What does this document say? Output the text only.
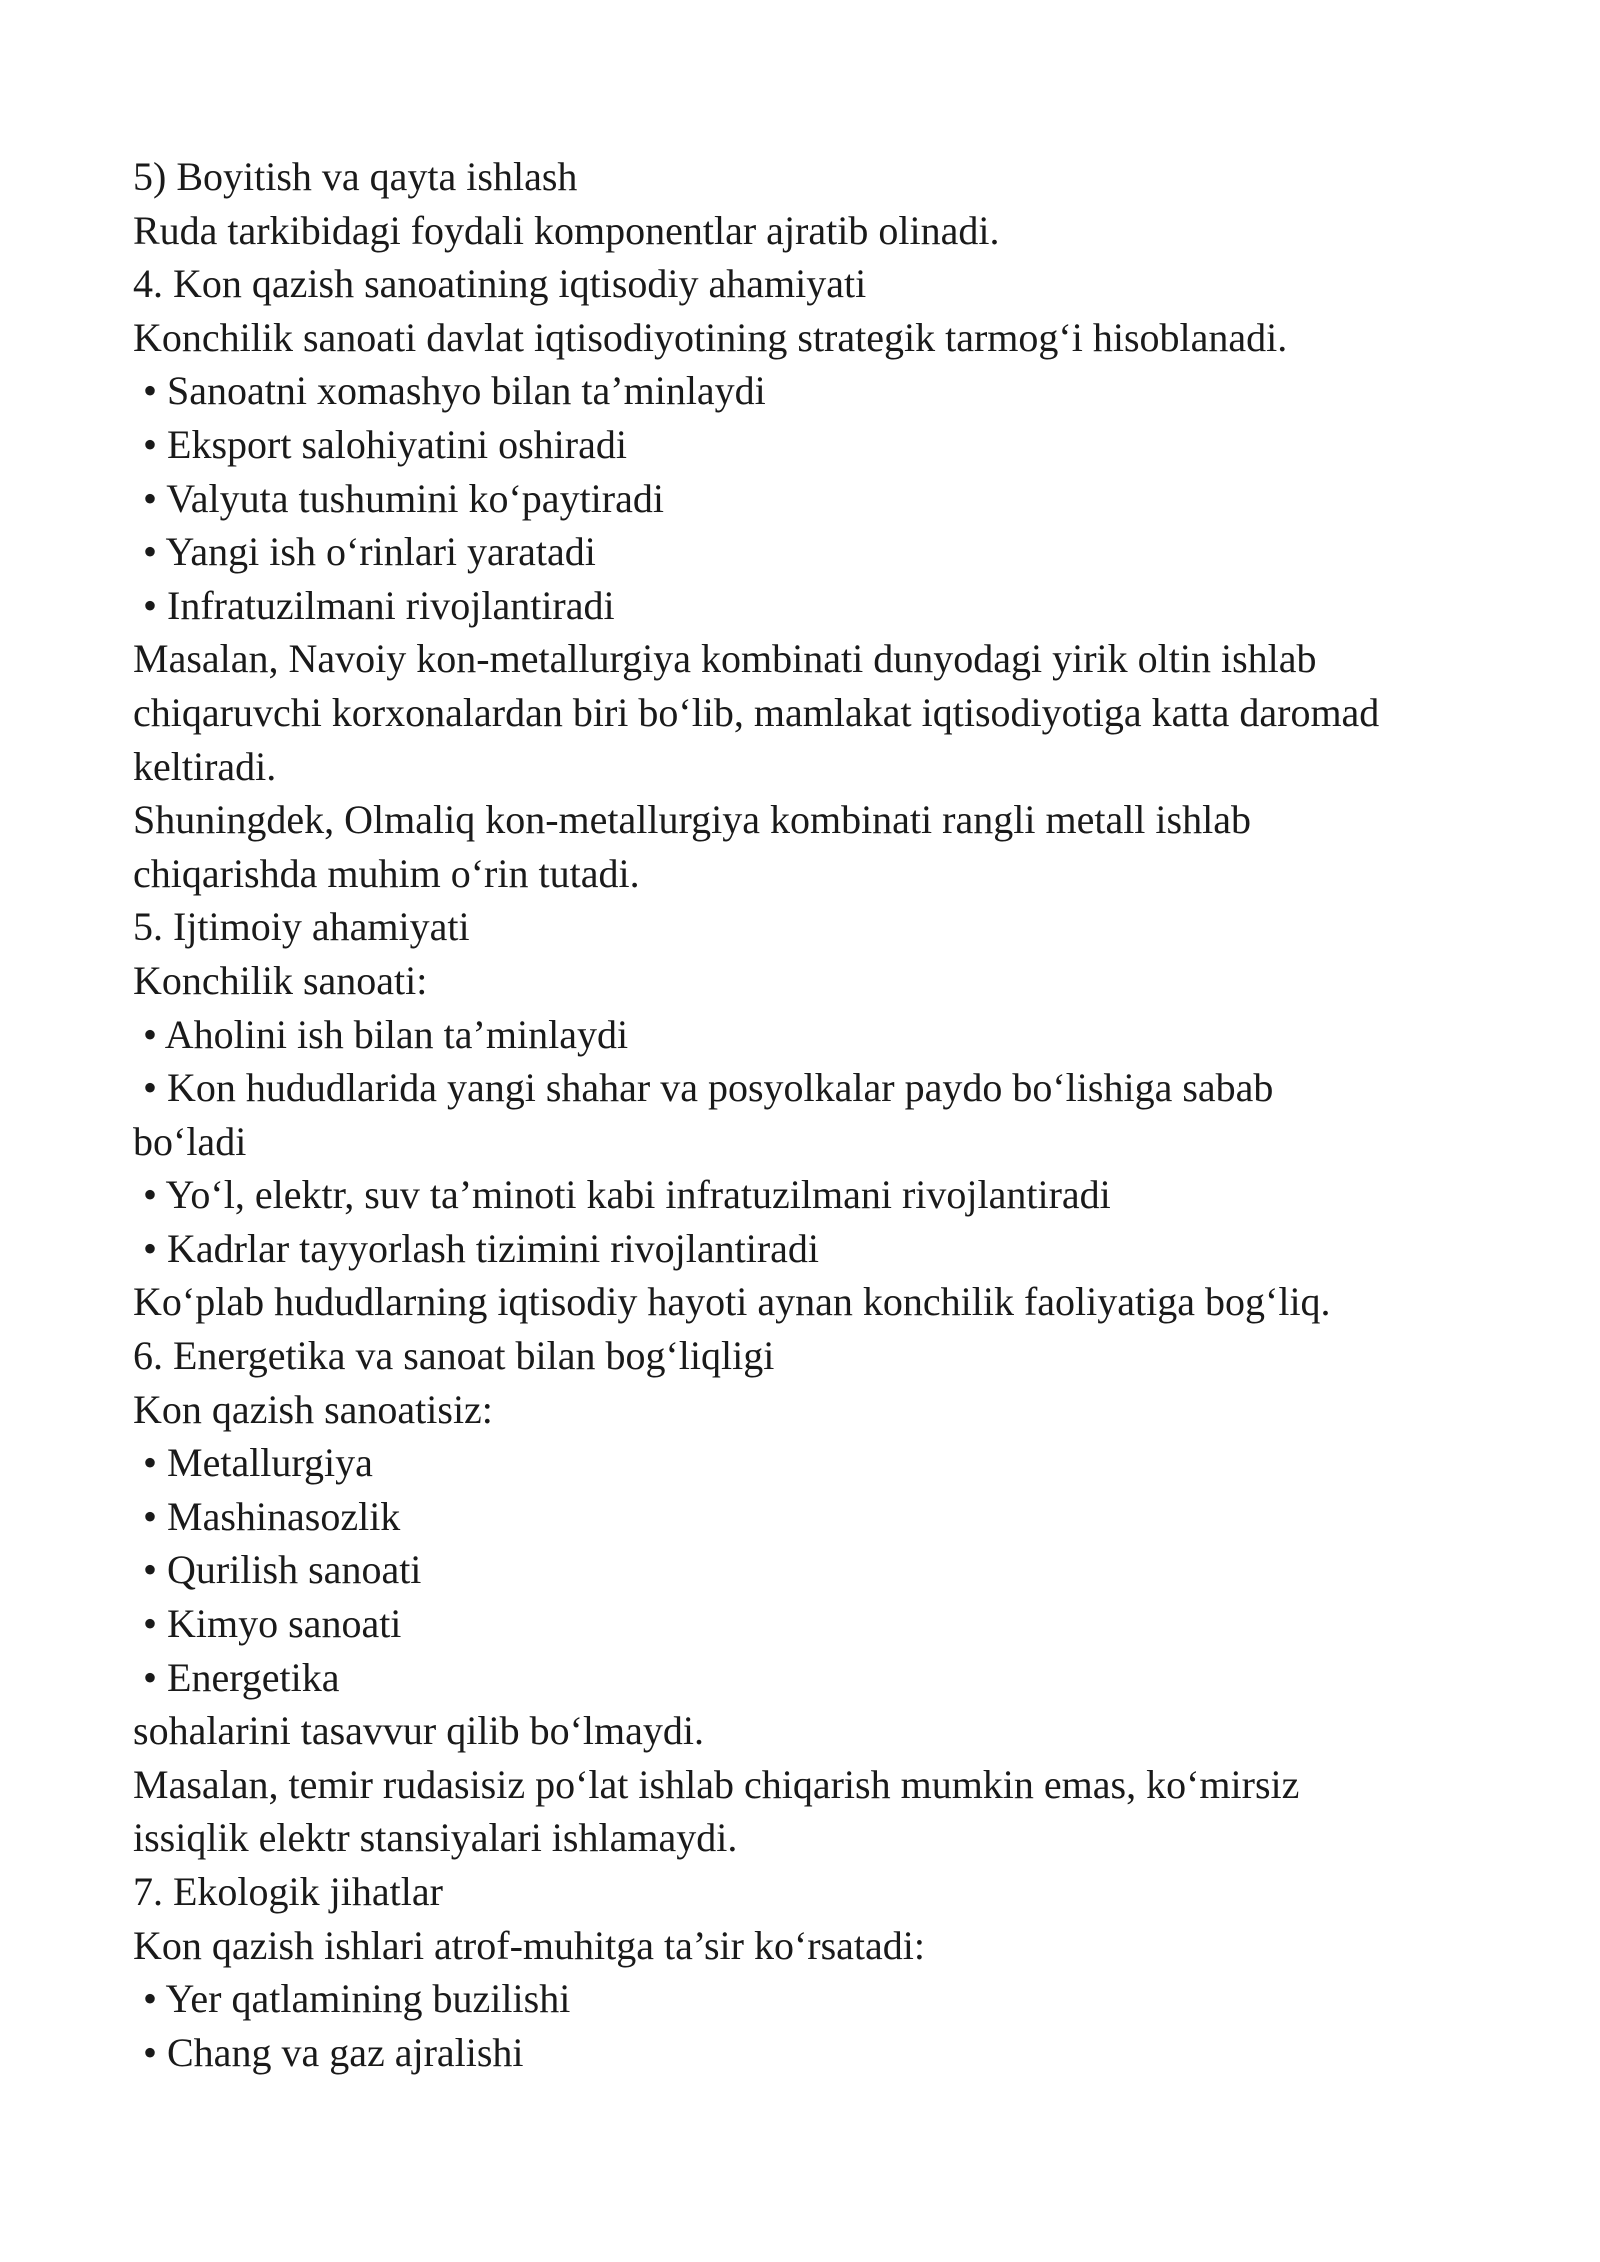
5) Boyitish va qayta ishlash
Ruda tarkibidagi foydali komponentlar ajratib olinadi.
4. Kon qazish sanoatining iqtisodiy ahamiyati
Konchilik sanoati davlat iqtisodiyotining strategik tarmog‘i hisoblanadi.
• Sanoatni xomashyo bilan ta’minlaydi
• Eksport salohiyatini oshiradi
• Valyuta tushumini ko‘paytiradi
• Yangi ish o‘rinlari yaratadi
• Infratuzilmani rivojlantiradi
Masalan, Navoiy kon-metallurgiya kombinati dunyodagi yirik oltin ishlab
chiqaruvchi korxonalardan biri bo‘lib, mamlakat iqtisodiyotiga katta daromad
keltiradi.
Shuningdek, Olmaliq kon-metallurgiya kombinati rangli metall ishlab
chiqarishda muhim o‘rin tutadi.
5. Ijtimoiy ahamiyati
Konchilik sanoati:
• Aholini ish bilan ta’minlaydi
• Kon hududlarida yangi shahar va posyolkalar paydo bo‘lishiga sabab
bo‘ladi
• Yo‘l, elektr, suv ta’minoti kabi infratuzilmani rivojlantiradi
• Kadrlar tayyorlash tizimini rivojlantiradi
Ko‘plab hududlarning iqtisodiy hayoti aynan konchilik faoliyatiga bog‘liq.
6. Energetika va sanoat bilan bog‘liqligi
Kon qazish sanoatisiz:
• Metallurgiya
• Mashinasozlik
• Qurilish sanoati
• Kimyo sanoati
• Energetika
sohalarini tasavvur qilib bo‘lmaydi.
Masalan, temir rudasisiz po‘lat ishlab chiqarish mumkin emas, ko‘mirsiz
issiqlik elektr stansiyalari ishlamaydi.
7. Ekologik jihatlar
Kon qazish ishlari atrof-muhitga ta’sir ko‘rsatadi:
• Yer qatlamining buzilishi
• Chang va gaz ajralishi
